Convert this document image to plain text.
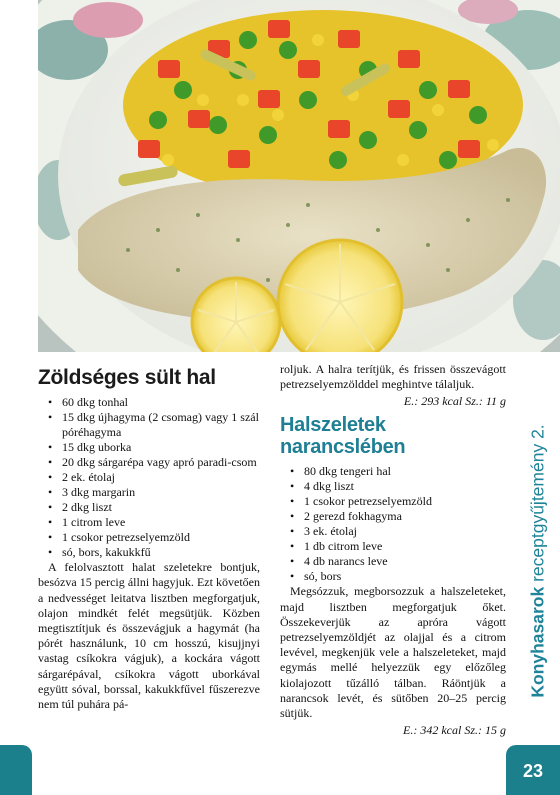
Zöldséges sült hal
• 60 dkg tonhal
• 15 dkg újhagyma (2 csomag) vagy 1 szál póréhagyma
• 15 dkg uborka
• 20 dkg sárgarépa vagy apró paradi-csom
• 2 ek. étolaj
• 3 dkg margarin
• 2 dkg liszt
• 1 citrom leve
• 1 csokor petrezselyemzöld
• só, bors, kakukkfű

A felolvasztott halat szeletekre bontjuk, besózva 15 percig állni hagyjuk. Ezt követően a nedvességet leitatva lisztben megforgatjuk, olajon mindkét felét megsütjük. Közben megtisztítjuk és összevágjuk a hagymát (ha pórét használunk, 10 cm hosszú, kisujjnyi vastag csíkokra vágjuk), a kockára vágott sárgarépával, csíkokra vágott uborkával együtt sóval, borssal, kakukkfűvel fűszerezve nem túl puhára pá-

roljuk. A halra terítjük, és frissen összevágott petrezselyemzölddel meghintve tálaljuk.

E.: 293 kcal Sz.: 11 g
Halszeletek narancslében
• 80 dkg tengeri hal
• 4 dkg liszt
• 1 csokor petrezselyemzöld
• 2 gerezd fokhagyma
• 3 ek. étolaj
• 1 db citrom leve
• 4 db narancs leve
• só, bors

Megsózzuk, megborsozzuk a halszeleteket, majd lisztben megforgatjuk őket. Összekeverjük az apróra vágott petrezselyemzöldjét az olajjal és a citrom levével, megkenjük vele a halszeleteket, majd egymás mellé helyezzük egy előzőleg kiolajozott tűzálló tálban. Ráöntjük a narancsok levét, és sütőben 20–25 percig sütjük.

E.: 342 kcal Sz.: 15 g
Konyhasarok receptgyűjtemény 2.
23
